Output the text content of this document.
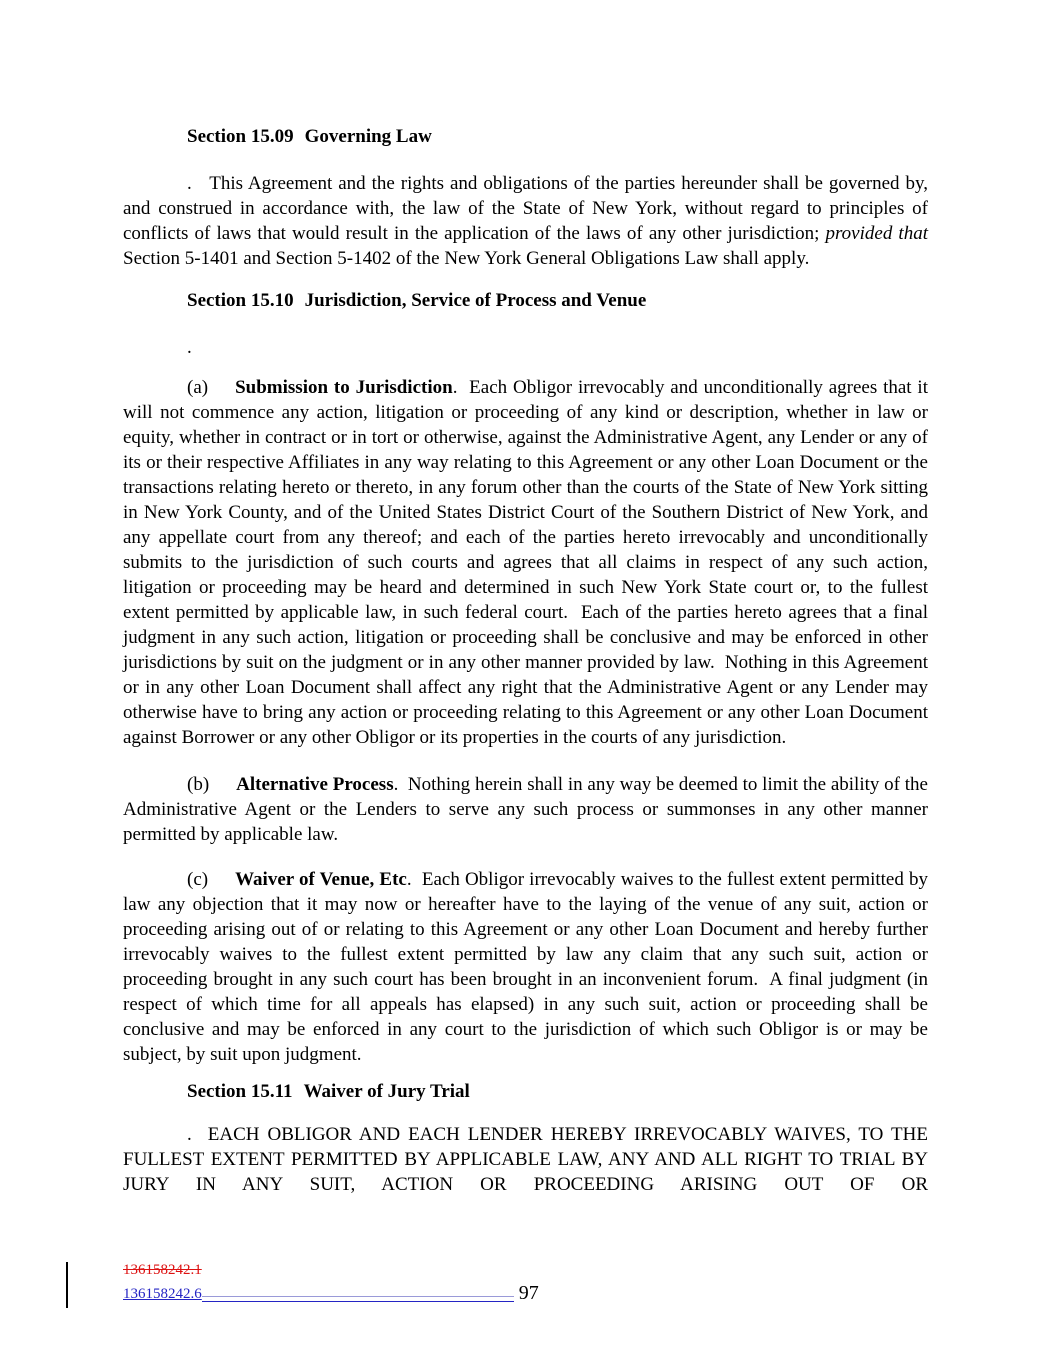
Section 15.09 Governing Law

.   This Agreement and the rights and obligations of the parties hereunder shall be governed by, and construed in accordance with, the law of the State of New York, without regard to principles of conflicts of laws that would result in the application of the laws of any other jurisdiction; provided that Section 5-1401 and Section 5-1402 of the New York General Obligations Law shall apply.

Section 15.10 Jurisdiction, Service of Process and Venue

.

(a) Submission to Jurisdiction.  Each Obligor irrevocably and unconditionally agrees that it will not commence any action, litigation or proceeding of any kind or description, whether in law or equity, whether in contract or in tort or otherwise, against the Administrative Agent, any Lender or any of its or their respective Affiliates in any way relating to this Agreement or any other Loan Document or the transactions relating hereto or thereto, in any forum other than the courts of the State of New York sitting in New York County, and of the United States District Court of the Southern District of New York, and any appellate court from any thereof; and each of the parties hereto irrevocably and unconditionally submits to the jurisdiction of such courts and agrees that all claims in respect of any such action, litigation or proceeding may be heard and determined in such New York State court or, to the fullest extent permitted by applicable law, in such federal court.  Each of the parties hereto agrees that a final judgment in any such action, litigation or proceeding shall be conclusive and may be enforced in other jurisdictions by suit on the judgment or in any other manner provided by law.  Nothing in this Agreement or in any other Loan Document shall affect any right that the Administrative Agent or any Lender may otherwise have to bring any action or proceeding relating to this Agreement or any other Loan Document against Borrower or any other Obligor or its properties in the courts of any jurisdiction.

(b) Alternative Process.  Nothing herein shall in any way be deemed to limit the ability of the Administrative Agent or the Lenders to serve any such process or summonses in any other manner permitted by applicable law.

(c) Waiver of Venue, Etc.  Each Obligor irrevocably waives to the fullest extent permitted by law any objection that it may now or hereafter have to the laying of the venue of any suit, action or proceeding arising out of or relating to this Agreement or any other Loan Document and hereby further irrevocably waives to the fullest extent permitted by law any claim that any such suit, action or proceeding brought in any such court has been brought in an inconvenient forum.  A final judgment (in respect of which time for all appeals has elapsed) in any such suit, action or proceeding shall be conclusive and may be enforced in any court to the jurisdiction of which such Obligor is or may be subject, by suit upon judgment.

Section 15.11 Waiver of Jury Trial

.  EACH OBLIGOR AND EACH LENDER HEREBY IRREVOCABLY WAIVES, TO THE FULLEST EXTENT PERMITTED BY APPLICABLE LAW, ANY AND ALL RIGHT TO TRIAL BY JURY IN ANY SUIT, ACTION OR PROCEEDING ARISING OUT OF OR

136158242.1
136158242.6	97
